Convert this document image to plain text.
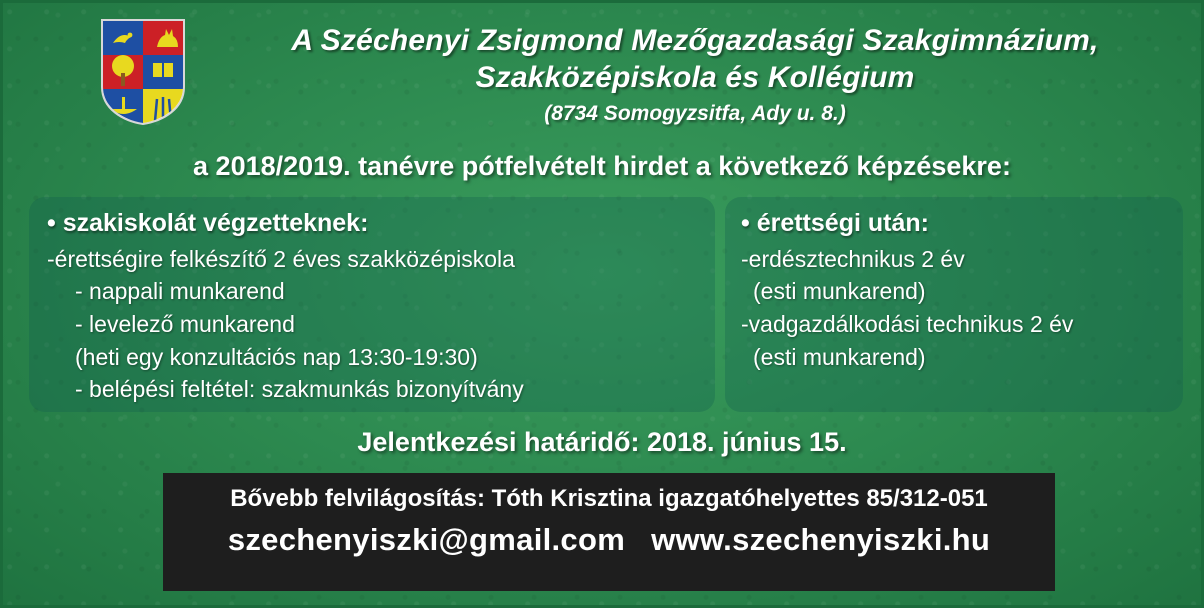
A Széchenyi Zsigmond Mezőgazdasági Szakgimnázium,
Szakközépiskola és Kollégium
(8734 Somogyzsitfa, Ady u. 8.)
a 2018/2019. tanévre pótfelvételt hirdet a következő képzésekre:
• szakiskolát végzetteknek:
-érettségire felkészítő 2 éves szakközépiskola
- nappali munkarend
- levelező munkarend
(heti egy konzultációs nap 13:30-19:30)
- belépési feltétel: szakmunkás bizonyítvány
• érettségi után:
-erdésztechnikus 2 év
(esti munkarend)
-vadgazdálkodási technikus 2 év
(esti munkarend)
Jelentkezési határidő: 2018. június 15.
Bővebb felvilágosítás: Tóth Krisztina igazgatóhelyettes 85/312-051
szechenyiszki@gmail.com www.szechenyiszki.hu
